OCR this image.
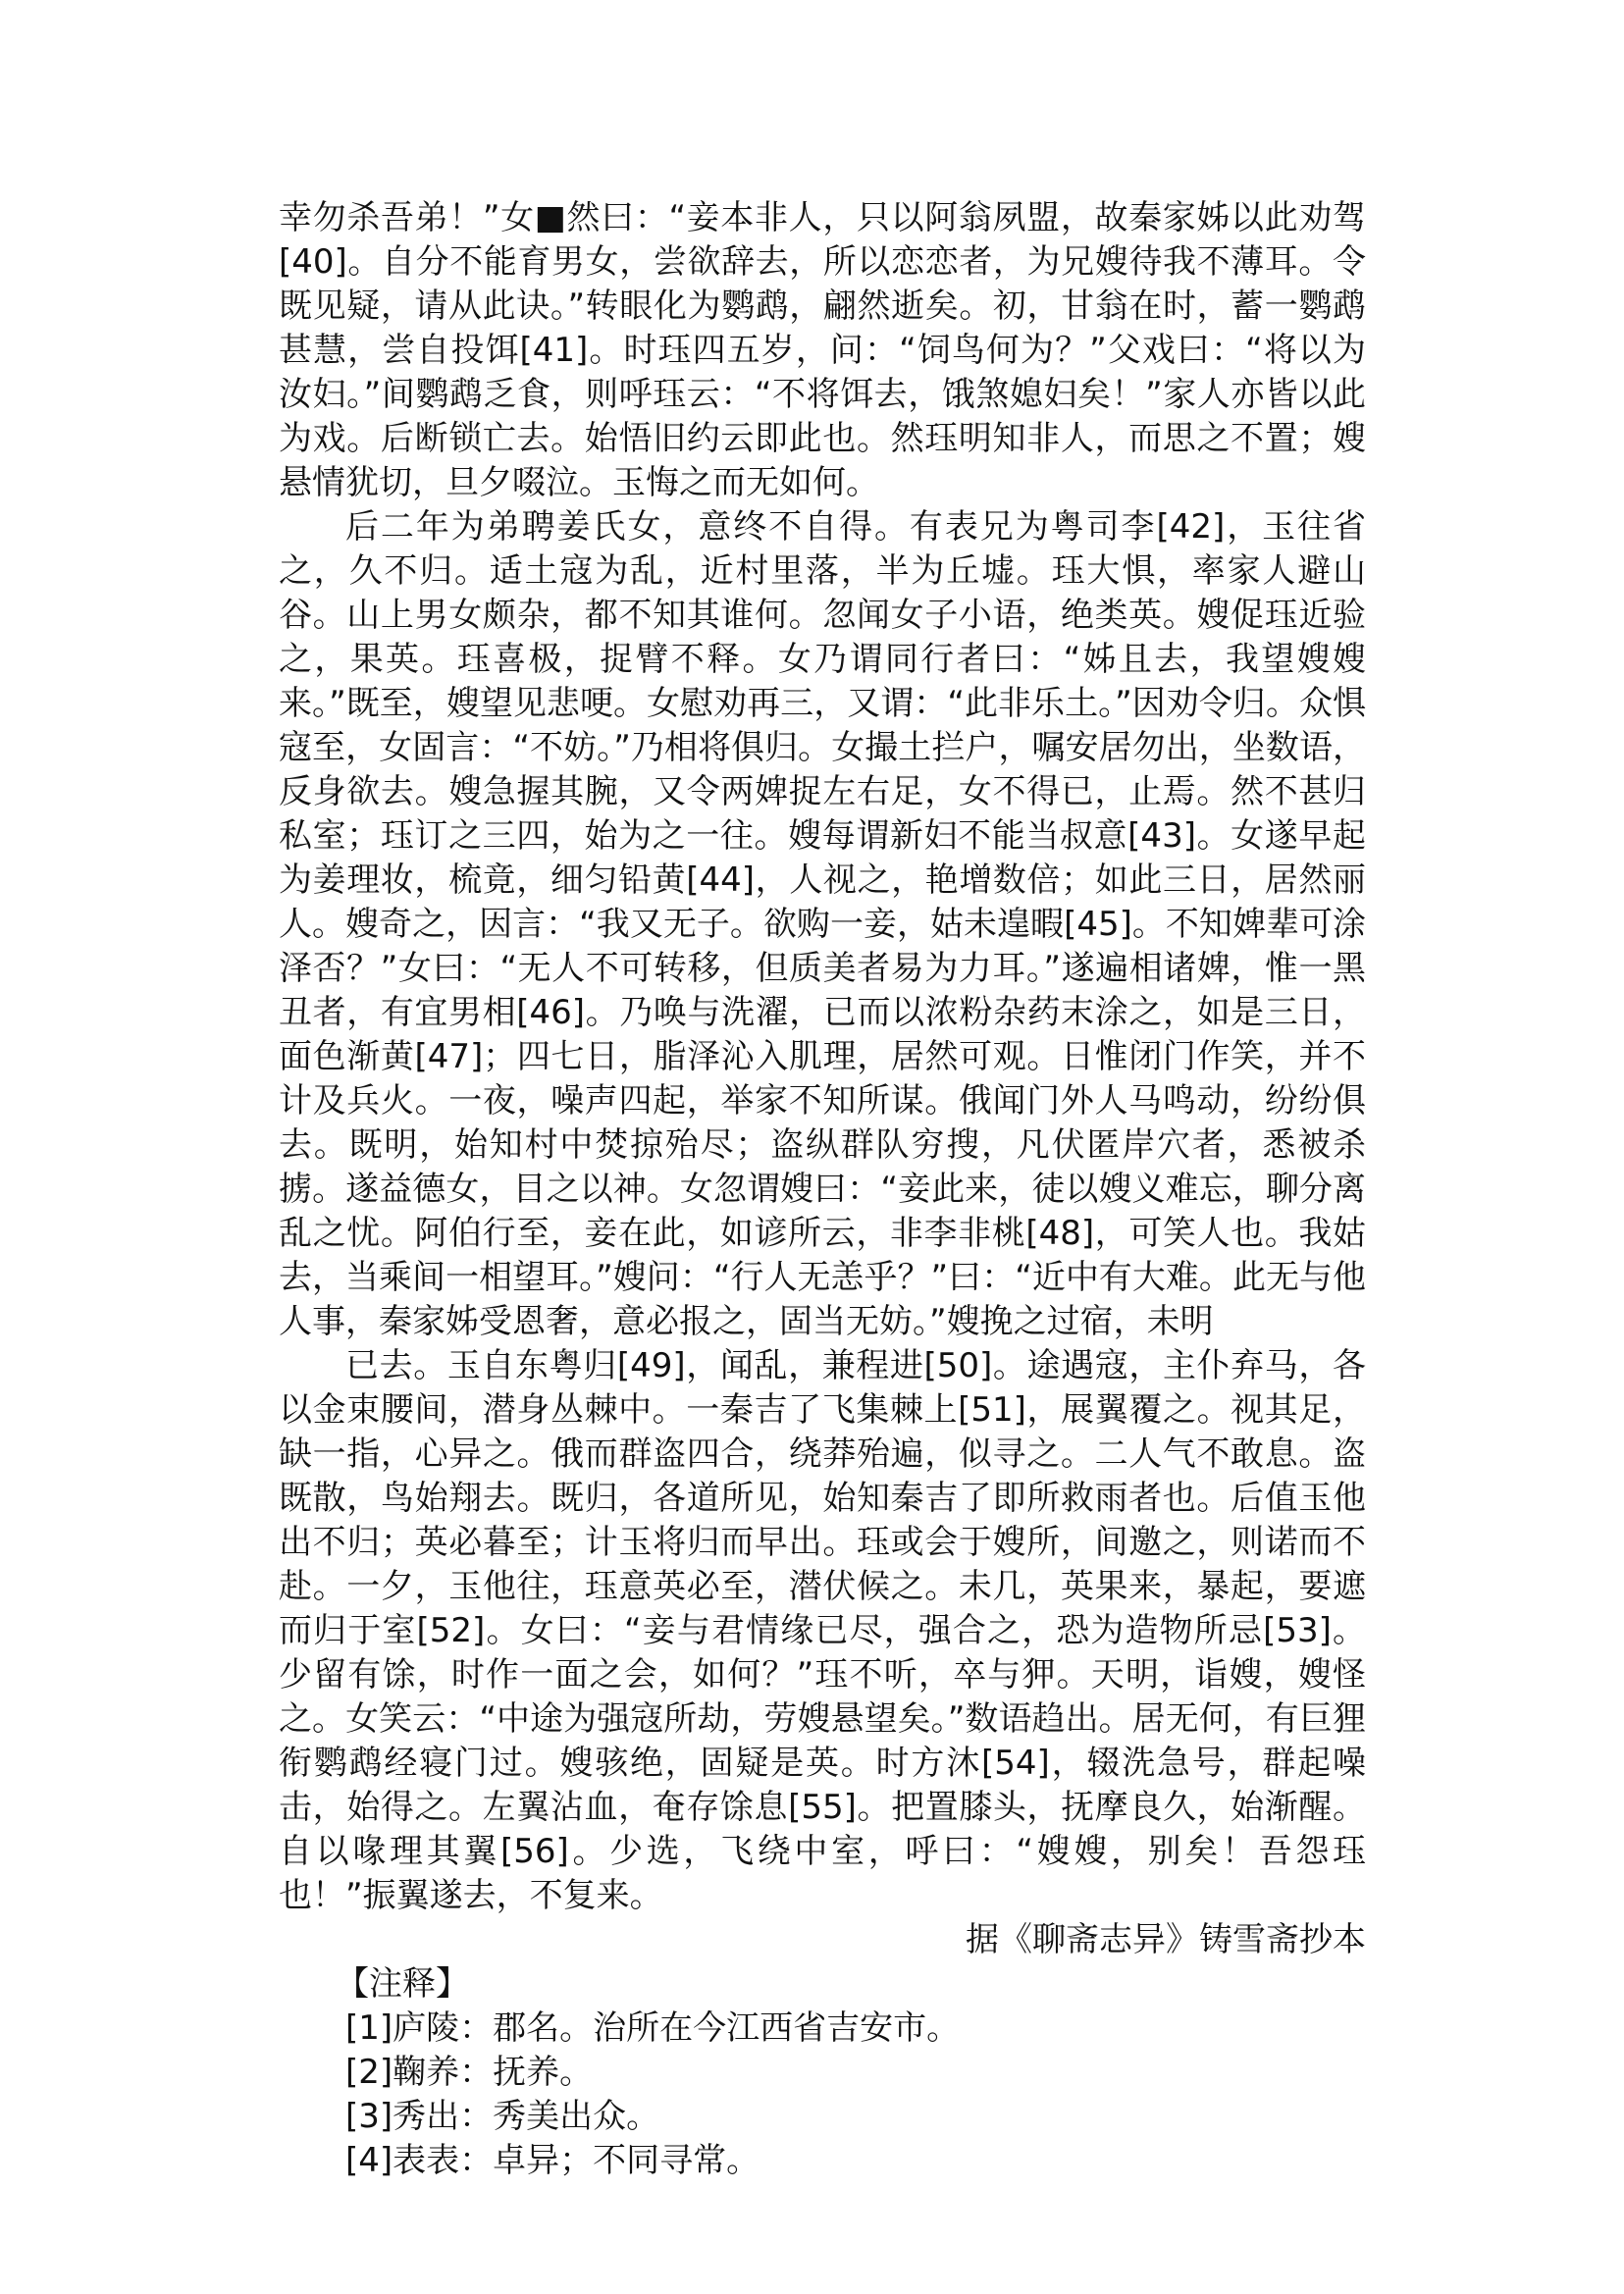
幸勿杀吾弟！”女■然曰：“妾本非人，只以阿翁夙盟，故秦家姊以此劝驾[40]。自分不能育男女，尝欲辞去，所以恋恋者，为兄嫂待我不薄耳。令既见疑，请从此诀。”转眼化为鹦鹉，翩然逝矣。初，甘翁在时，蓄一鹦鹉甚慧，尝自投饵[41]。时珏四五岁，问：“饲鸟何为？”父戏曰：“将以为汝妇。”间鹦鹉乏食，则呼珏云：“不将饵去，饿煞媳妇矣！”家人亦皆以此为戏。后断锁亡去。始悟旧约云即此也。然珏明知非人，而思之不置；嫂悬情犹切，旦夕啜泣。玉悔之而无如何。

后二年为弟聘姜氏女，意终不自得。有表兄为粤司李[42]，玉往省之，久不归。适土寇为乱，近村里落，半为丘墟。珏大惧，率家人避山谷。山上男女颇杂，都不知其谁何。忽闻女子小语，绝类英。嫂促珏近验之，果英。珏喜极，捉臂不释。女乃谓同行者曰：“姊且去，我望嫂嫂来。”既至，嫂望见悲哽。女慰劝再三，又谓：“此非乐土。”因劝令归。众惧寇至，女固言：“不妨。”乃相将俱归。女撮土拦户，嘱安居勿出，坐数语，反身欲去。嫂急握其腕，又令两婢捉左右足，女不得已，止焉。然不甚归私室；珏订之三四，始为之一往。嫂每谓新妇不能当叔意[43]。女遂早起为姜理妆，梳竟，细匀铅黄[44]，人视之，艳增数倍；如此三日，居然丽人。嫂奇之，因言：“我又无子。欲购一妾，姑未遑暇[45]。不知婢辈可涂泽否？”女曰：“无人不可转移，但质美者易为力耳。”遂遍相诸婢，惟一黑丑者，有宜男相[46]。乃唤与洗濯，已而以浓粉杂药末涂之，如是三日，面色渐黄[47]；四七日，脂泽沁入肌理，居然可观。日惟闭门作笑，并不计及兵火。一夜，噪声四起，举家不知所谋。俄闻门外人马鸣动，纷纷俱去。既明，始知村中焚掠殆尽；盗纵群队穷搜，凡伏匿岸穴者，悉被杀掳。遂益德女，目之以神。女忽谓嫂曰：“妾此来，徒以嫂义难忘，聊分离乱之忧。阿伯行至，妾在此，如谚所云，非李非桃[48]，可笑人也。我姑去，当乘间一相望耳。”嫂问：“行人无恙乎？”曰：“近中有大难。此无与他人事，秦家姊受恩奢，意必报之，固当无妨。”嫂挽之过宿，未明

已去。玉自东粤归[49]，闻乱，兼程进[50]。途遇寇，主仆弃马，各以金束腰间，潜身丛棘中。一秦吉了飞集棘上[51]，展翼覆之。视其足，缺一指，心异之。俄而群盗四合，绕莽殆遍，似寻之。二人气不敢息。盗既散，鸟始翔去。既归，各道所见，始知秦吉了即所救雨者也。后值玉他出不归；英必暮至；计玉将归而早出。珏或会于嫂所，间邀之，则诺而不赴。一夕，玉他往，珏意英必至，潜伏候之。未几，英果来，暴起，要遮而归于室[52]。女曰：“妾与君情缘已尽，强合之，恐为造物所忌[53]。少留有馀，时作一面之会，如何？”珏不听，卒与狎。天明，诣嫂，嫂怪之。女笑云：“中途为强寇所劫，劳嫂悬望矣。”数语趋出。居无何，有巨狸衔鹦鹉经寝门过。嫂骇绝，固疑是英。时方沐[54]，辍洗急号，群起噪击，始得之。左翼沾血，奄存馀息[55]。把置膝头，抚摩良久，始渐醒。自以喙理其翼[56]。少选，飞绕中室，呼曰：“嫂嫂，别矣！吾怨珏也！”振翼遂去，不复来。

据《聊斋志异》铸雪斋抄本

【注释】

[1]庐陵：郡名。治所在今江西省吉安市。

[2]鞠养：抚养。

[3]秀出：秀美出众。

[4]表表：卓异；不同寻常。
